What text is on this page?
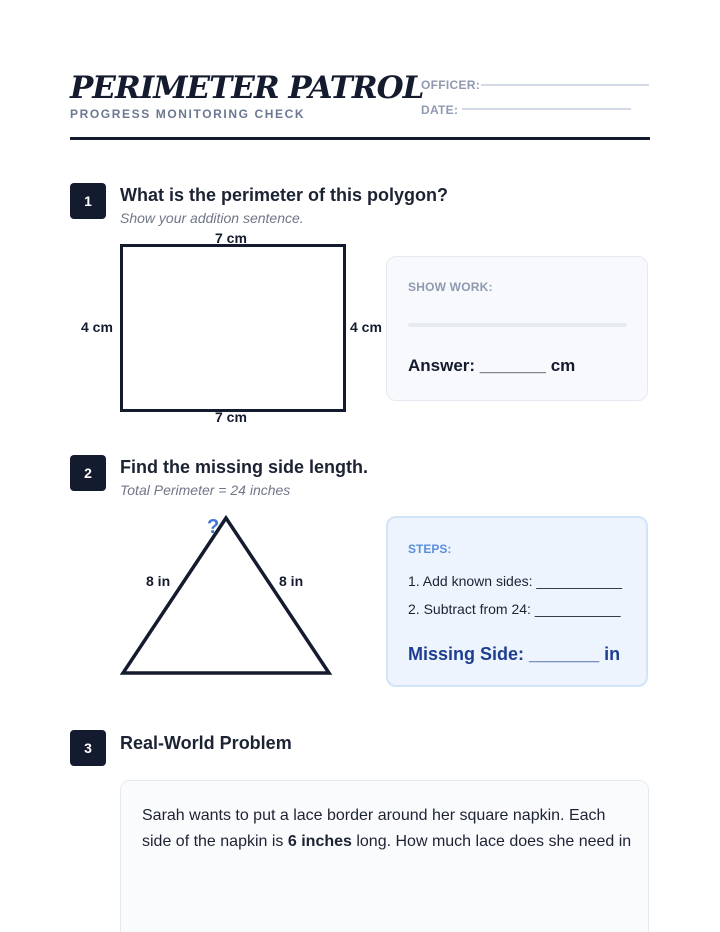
PERIMETER PATROL
PROGRESS MONITORING CHECK
OFFICER:
DATE:
1	What is the perimeter of this polygon?
Show your addition sentence.
7 cm
7 cm
4 cm	4 cm
SHOW WORK:
Answer: _______ cm
2	Find the missing side length.
Total Perimeter = 24 inches
?
8 in	8 in
STEPS:
1. Add known sides: ___________
2. Subtract from 24: ___________
Missing Side: _______ in
3	Real-World Problem

Sarah wants to put a lace border around her square napkin. Each side of the napkin is 6 inches long. How much lace does she need in
